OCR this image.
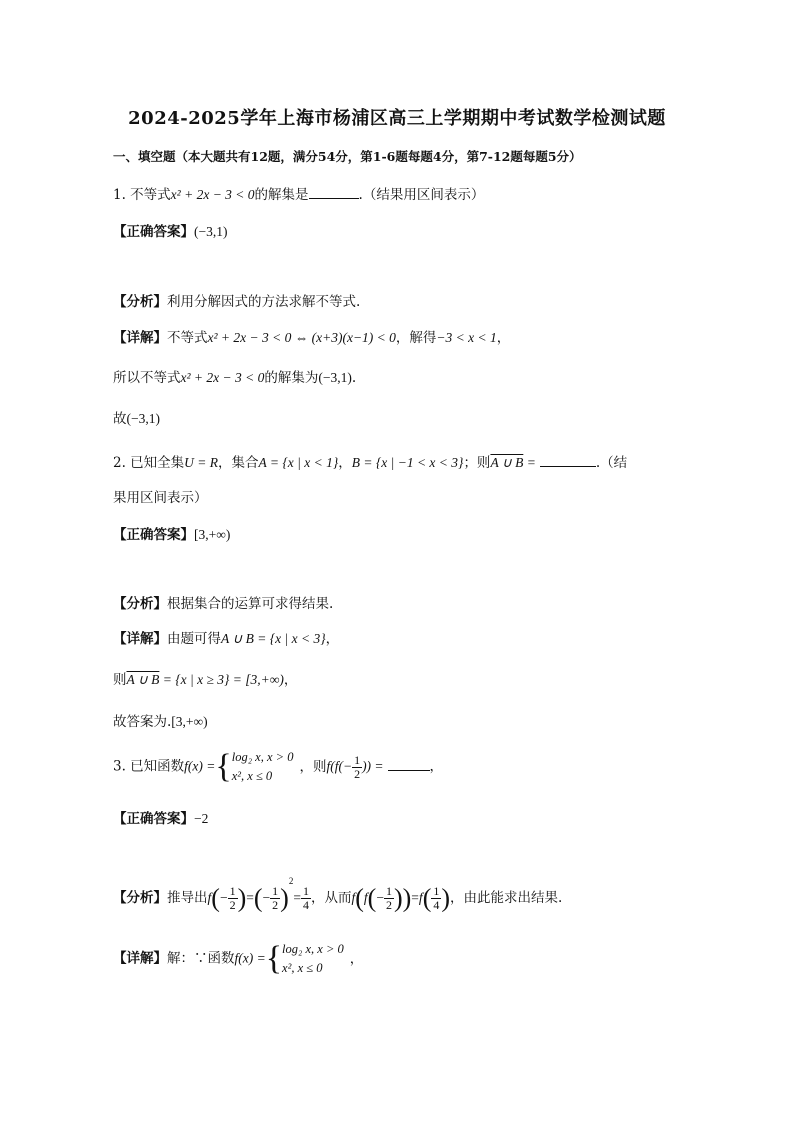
2024-2025学年上海市杨浦区高三上学期期中考试数学检测试题
一、填空题（本大题共有12题，满分54分，第1-6题每题4分，第7-12题每题5分）
1. 不等式x² + 2x − 3 < 0的解集是	.（结果用区间表示）
【正确答案】(−3,1)
【分析】利用分解因式的方法求解不等式.
【详解】不等式x² + 2x − 3 < 0 ⇔ (x+3)(x−1) < 0，解得−3 < x < 1，
所以不等式x² + 2x − 3 < 0的解集为(−3,1).
故(−3,1)
2. 已知全集U = R，集合A = {x | x < 1}，B = {x | −1 < x < 3}；则A ∪ B =	.（结
果用区间表示）
【正确答案】[3,+∞)
【分析】根据集合的运算可求得结果.
【详解】由题可得A ∪ B = {x | x < 3}，
则A ∪ B = {x | x ≥ 3} = [3,+∞)，
故答案为.[3,+∞)
3. 已知函数f(x) ={ log₂ x, x > 0
x², x ≤ 0
，则$f(f(- \frac{1}{2}$ )) =	，
【正确答案】−2
【分析】推导出$f(- \frac{1}{2}$ )=(− $\frac{1}{2} )^2= \frac{1}{4}$ ，从而$f(f(- \frac{1}{2} ))=f( \frac{1}{4}$ )，由此能求出结果.
【详解】解：∵函数f(x) ={ log₂ x, x > 0
x², x ≤ 0
，
